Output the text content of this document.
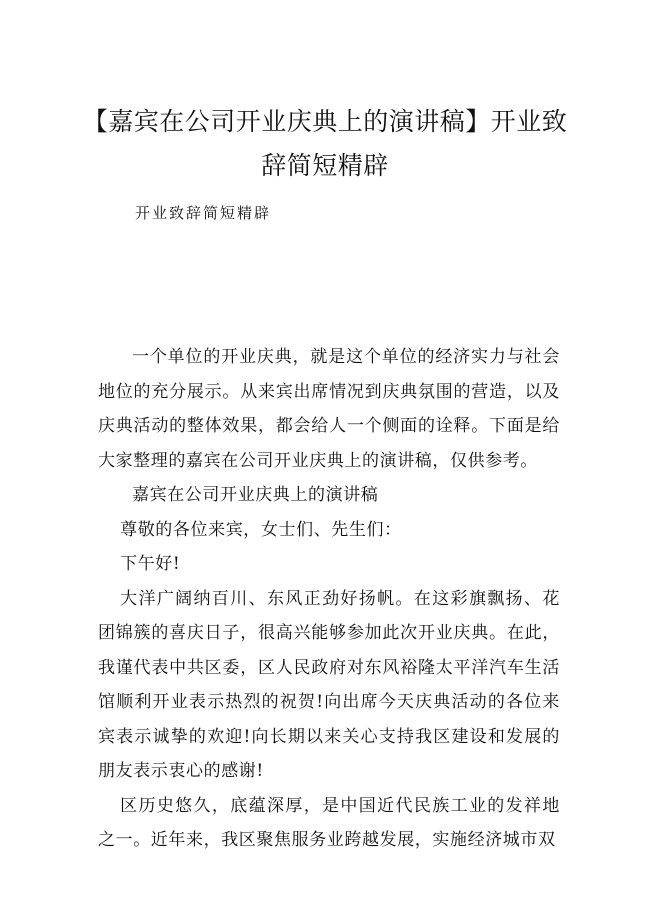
【嘉宾在公司开业庆典上的演讲稿】开业致辞简短精辟

开业致辞简短精辟

一个单位的开业庆典，就是这个单位的经济实力与社会地位的充分展示。从来宾出席情况到庆典氛围的营造，以及庆典活动的整体效果，都会给人一个侧面的诠释。下面是给大家整理的嘉宾在公司开业庆典上的演讲稿，仅供参考。

嘉宾在公司开业庆典上的演讲稿

尊敬的各位来宾，女士们、先生们：

下午好!

大洋广阔纳百川、东风正劲好扬帆。在这彩旗飘扬、花团锦簇的喜庆日子，很高兴能够参加此次开业庆典。在此，我谨代表中共区委，区人民政府对东风裕隆太平洋汽车生活馆顺利开业表示热烈的祝贺!向出席今天庆典活动的各位来宾表示诚挚的欢迎!向长期以来关心支持我区建设和发展的朋友表示衷心的感谢!

区历史悠久，底蕴深厚，是中国近代民族工业的发祥地之一。近年来，我区聚焦服务业跨越发展，实施经济城市双
